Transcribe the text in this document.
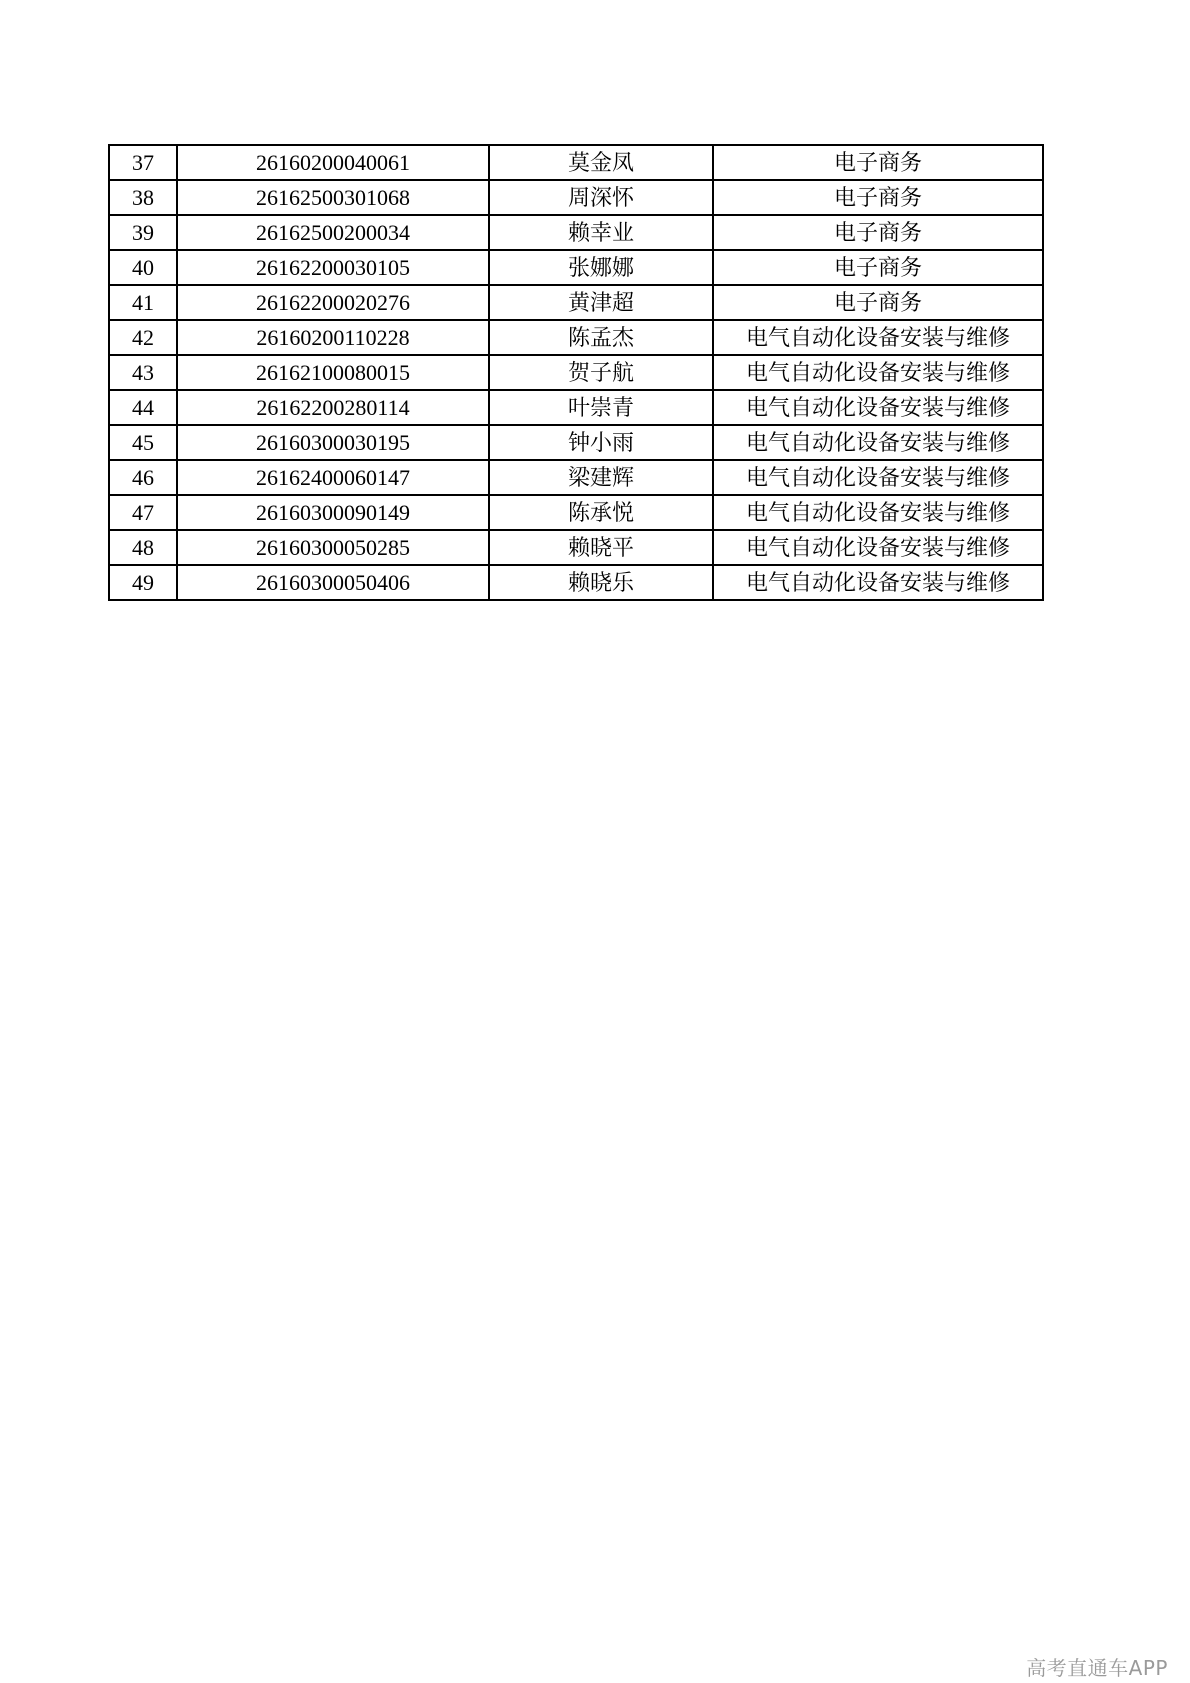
37	26160200040061	莫金凤	电子商务
38	26162500301068	周深怀	电子商务
39	26162500200034	赖幸业	电子商务
40	26162200030105	张娜娜	电子商务
41	26162200020276	黄津超	电子商务
42	26160200110228	陈孟杰	电气自动化设备安装与维修
43	26162100080015	贺子航	电气自动化设备安装与维修
44	26162200280114	叶崇青	电气自动化设备安装与维修
45	26160300030195	钟小雨	电气自动化设备安装与维修
46	26162400060147	梁建辉	电气自动化设备安装与维修
47	26160300090149	陈承悦	电气自动化设备安装与维修
48	26160300050285	赖晓平	电气自动化设备安装与维修
49	26160300050406	赖晓乐	电气自动化设备安装与维修
高考直通车APP
